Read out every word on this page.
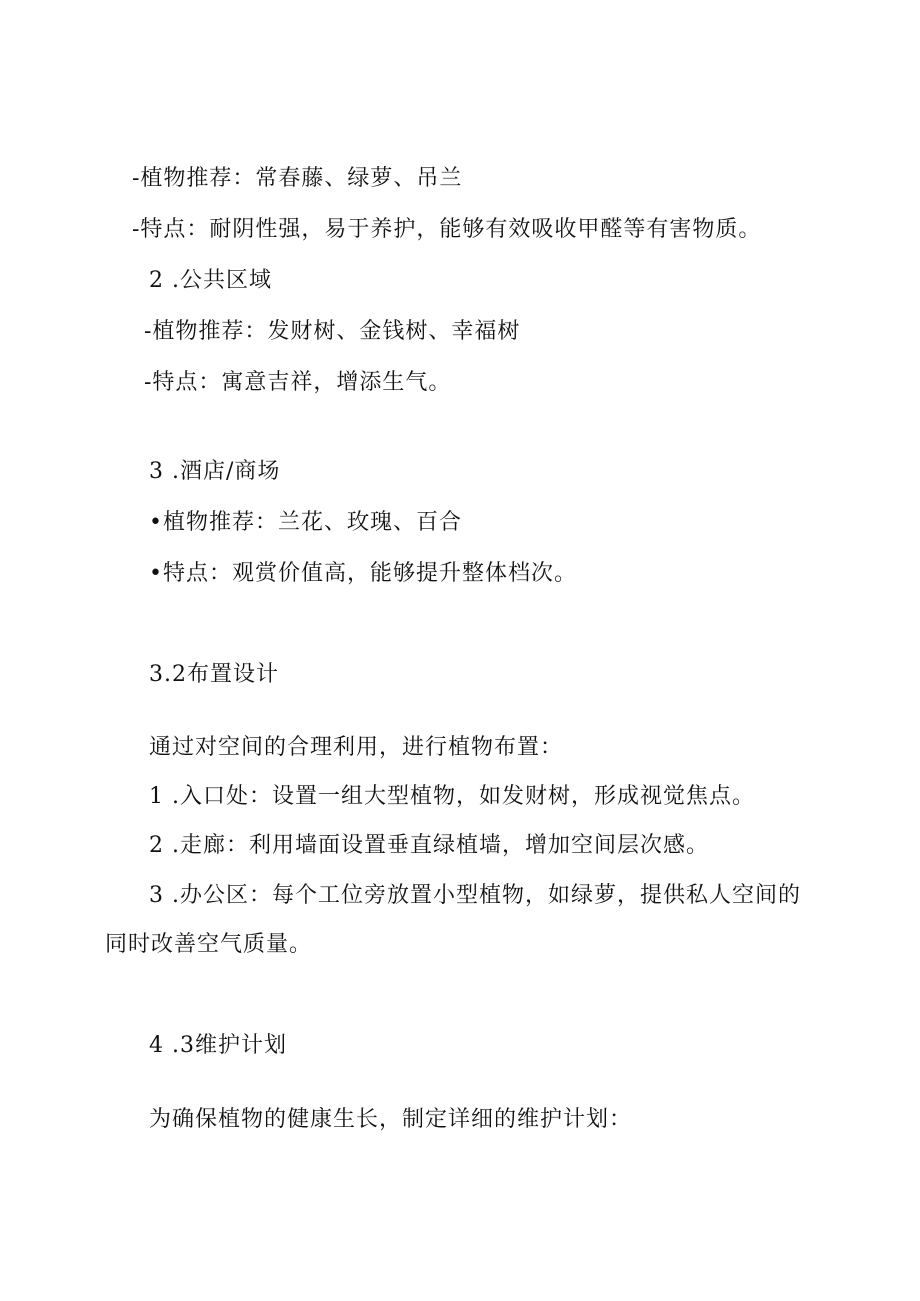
-植物推荐：常春藤、绿萝、吊兰
-特点：耐阴性强，易于养护，能够有效吸收甲醛等有害物质。
2 .公共区域
-植物推荐：发财树、金钱树、幸福树
-特点：寓意吉祥，增添生气。
3 .酒店/商场
•植物推荐：兰花、玫瑰、百合
•特点：观赏价值高，能够提升整体档次。
3.2布置设计
通过对空间的合理利用，进行植物布置：
1 .入口处：设置一组大型植物，如发财树，形成视觉焦点。
2 .走廊：利用墙面设置垂直绿植墙，增加空间层次感。
3 .办公区：每个工位旁放置小型植物，如绿萝，提供私人空间的
同时改善空气质量。
4 .3维护计划
为确保植物的健康生长，制定详细的维护计划：
